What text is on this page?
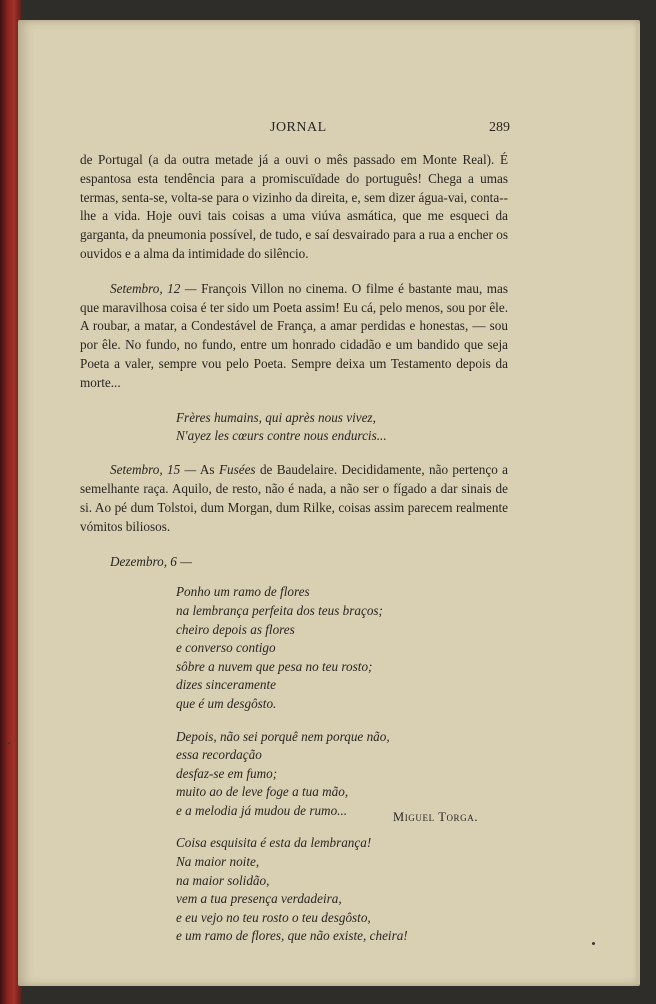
JORNAL	289

de Portugal (a da outra metade já a ouvi o mês passado em Monte Real). É espantosa esta tendência para a promiscuïdade do português! Chega a umas termas, senta-se, volta-se para o vizinho da direita, e, sem dizer água-vai, conta--lhe a vida. Hoje ouvi tais coisas a uma viúva asmática, que me esqueci da garganta, da pneumonia possível, de tudo, e saí desvairado para a rua a encher os ouvidos e a alma da intimidade do silêncio.

Setembro, 12 — François Villon no cinema. O filme é bastante mau, mas que maravilhosa coisa é ter sido um Poeta assim! Eu cá, pelo menos, sou por êle. A roubar, a matar, a Condestável de França, a amar perdidas e honestas, — sou por êle. No fundo, no fundo, entre um honrado cidadão e um bandido que seja Poeta a valer, sempre vou pelo Poeta. Sempre deixa um Testamento depois da morte...

Frères humains, qui après nous vivez,

N'ayez les cœurs contre nous endurcis...

Setembro, 15 — As Fusées de Baudelaire. Decididamente, não pertenço a semelhante raça. Aquilo, de resto, não é nada, a não ser o fígado a dar sinais de si. Ao pé dum Tolstoi, dum Morgan, dum Rilke, coisas assim parecem realmente vómitos biliosos.

Dezembro, 6 —

Ponho um ramo de flores

na lembrança perfeita dos teus braços;

cheiro depois as flores

e converso contigo

sôbre a nuvem que pesa no teu rosto;

dizes sinceramente

que é um desgôsto.

Depois, não sei porquê nem porque não,

essa recordação

desfaz-se em fumo;

muito ao de leve foge a tua mão,

e a melodia já mudou de rumo...

Coisa esquisita é esta da lembrança!

Na maior noite,

na maior solidão,

vem a tua presença verdadeira,

e eu vejo no teu rosto o teu desgôsto,

e um ramo de flores, que não existe, cheira!

Miguel Torga.
